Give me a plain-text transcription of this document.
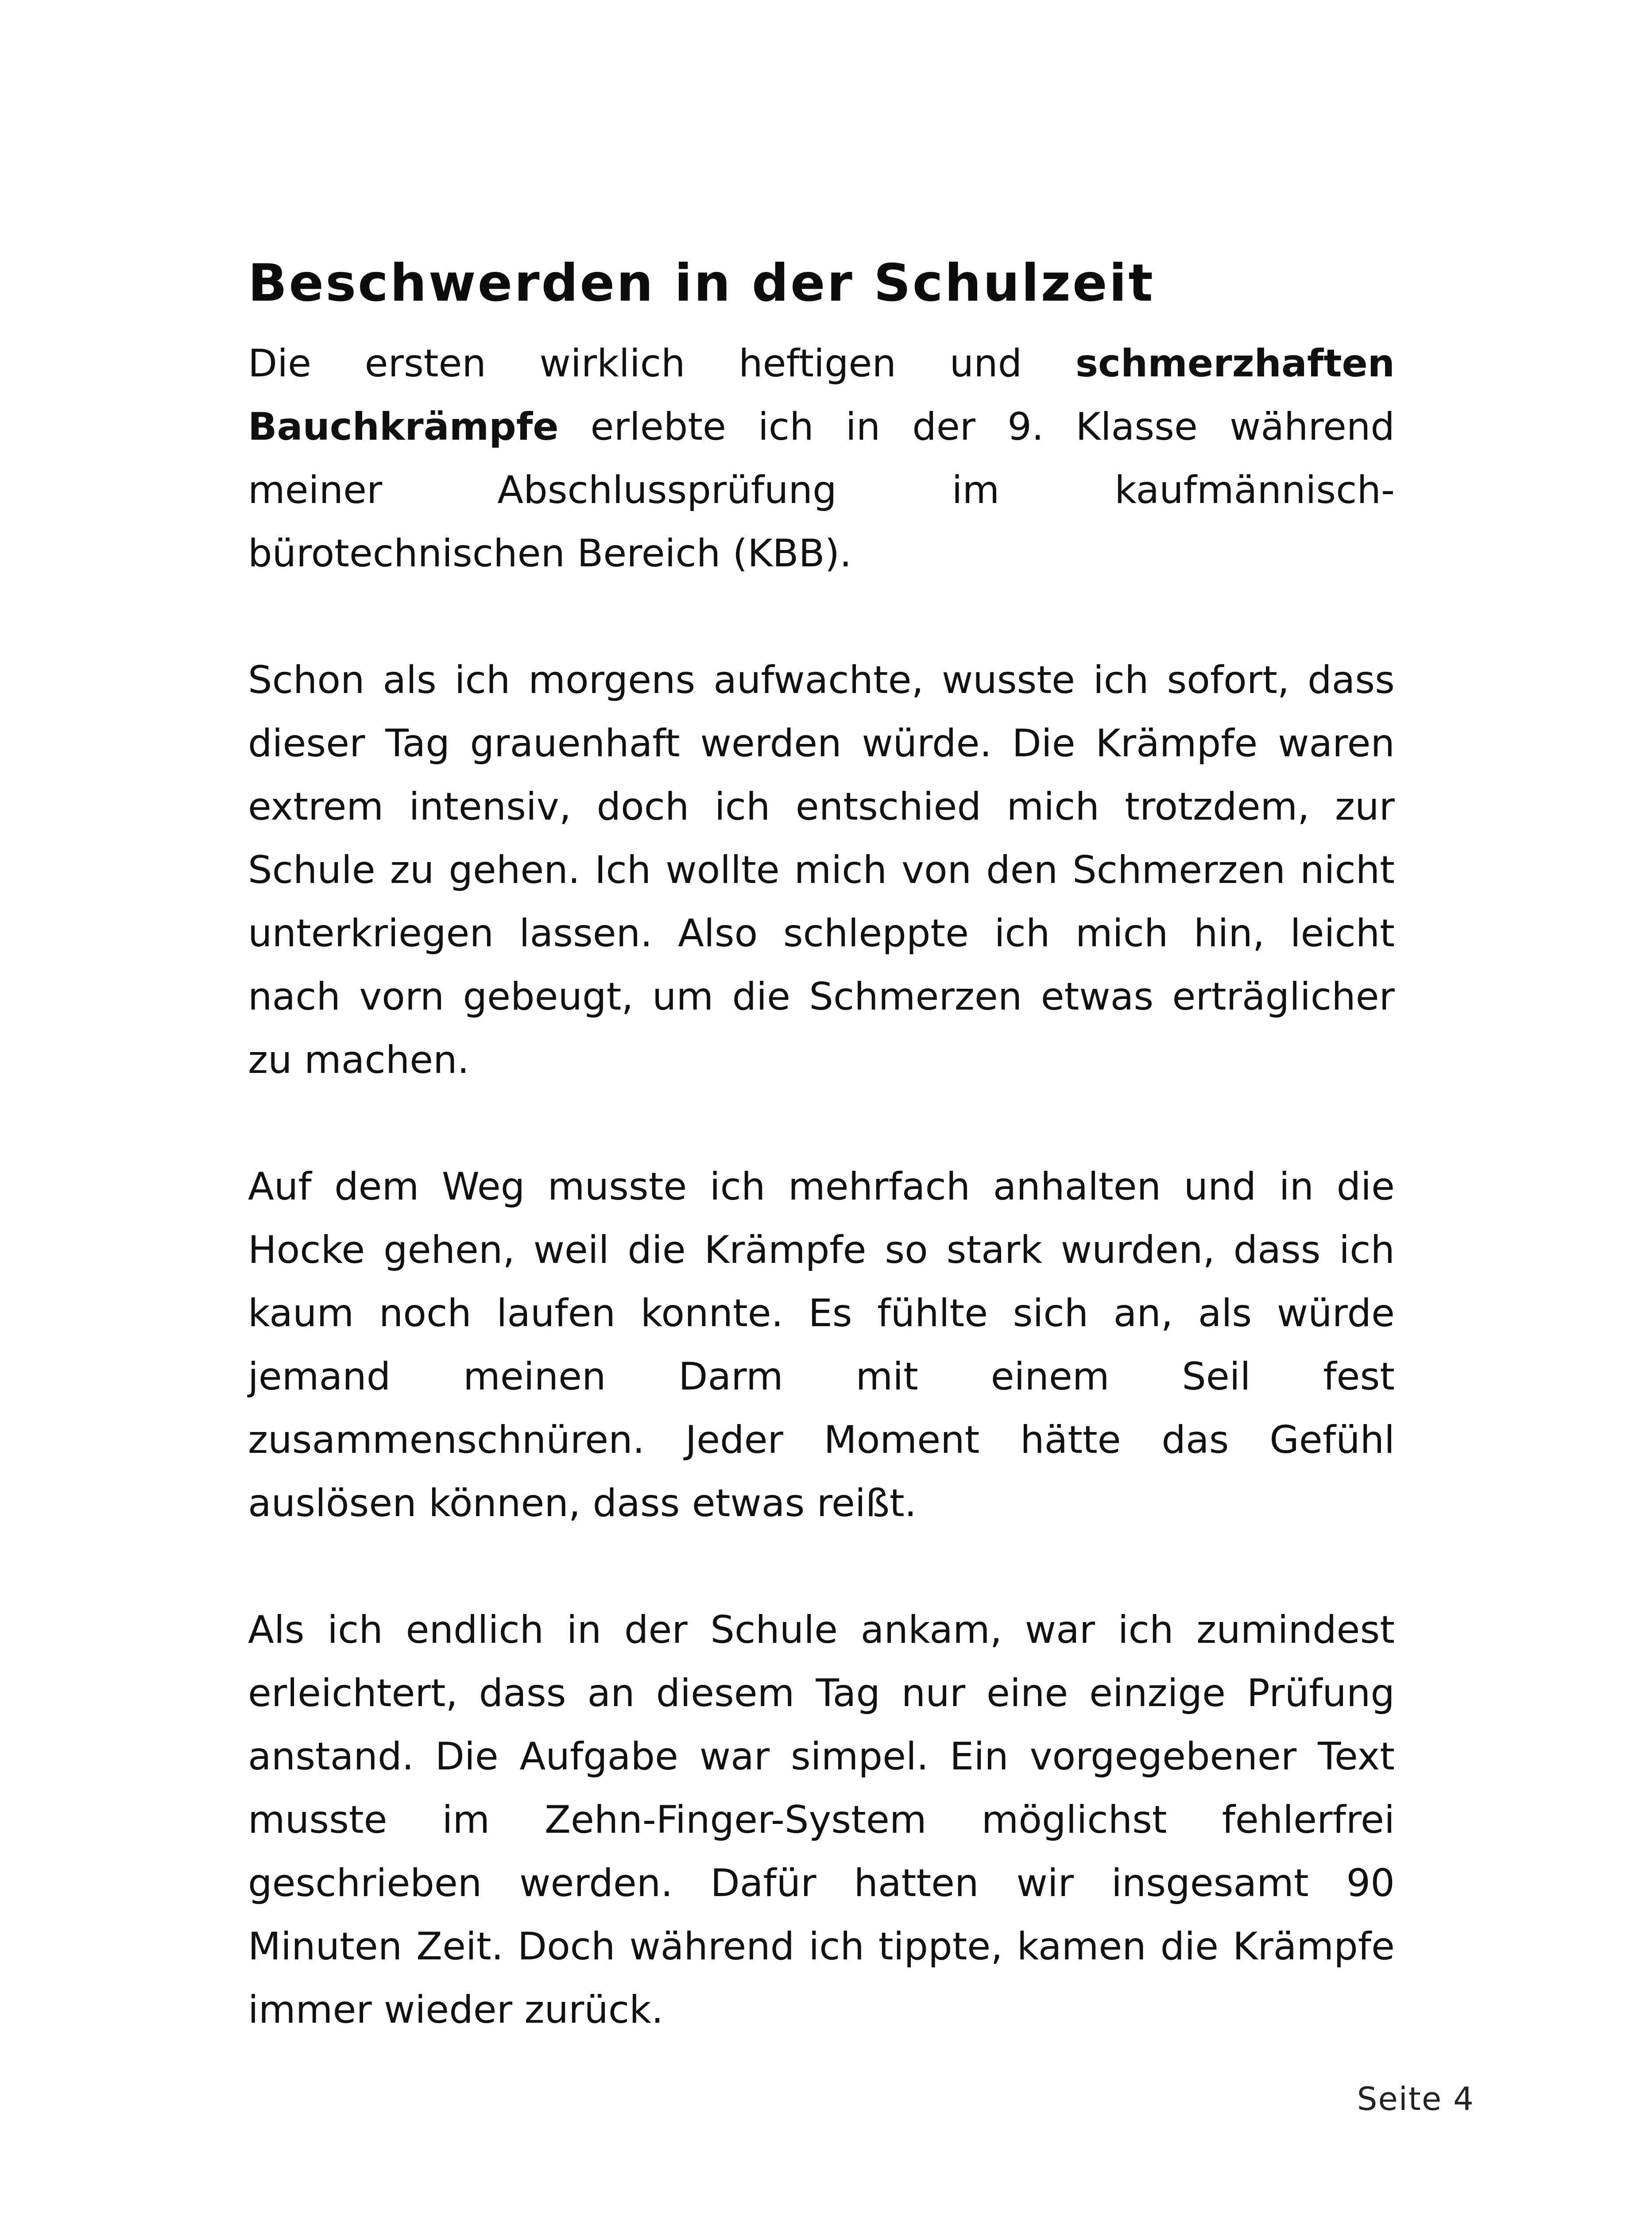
Beschwerden in der Schulzeit

Die ersten wirklich heftigen und schmerzhaften Bauchkrämpfe erlebte ich in der 9. Klasse während meiner Abschlussprüfung im kaufmännisch-bürotechnischen Bereich (KBB).

Schon als ich morgens aufwachte, wusste ich sofort, dass dieser Tag grauenhaft werden würde. Die Krämpfe waren extrem intensiv, doch ich entschied mich trotzdem, zur Schule zu gehen. Ich wollte mich von den Schmerzen nicht unterkriegen lassen. Also schleppte ich mich hin, leicht nach vorn gebeugt, um die Schmerzen etwas erträglicher zu machen.

Auf dem Weg musste ich mehrfach anhalten und in die Hocke gehen, weil die Krämpfe so stark wurden, dass ich kaum noch laufen konnte. Es fühlte sich an, als würde jemand meinen Darm mit einem Seil fest zusammenschnüren. Jeder Moment hätte das Gefühl auslösen können, dass etwas reißt.

Als ich endlich in der Schule ankam, war ich zumindest erleichtert, dass an diesem Tag nur eine einzige Prüfung anstand. Die Aufgabe war simpel. Ein vorgegebener Text musste im Zehn-Finger-System möglichst fehlerfrei geschrieben werden. Dafür hatten wir insgesamt 90 Minuten Zeit. Doch während ich tippte, kamen die Krämpfe immer wieder zurück.

Seite 4
